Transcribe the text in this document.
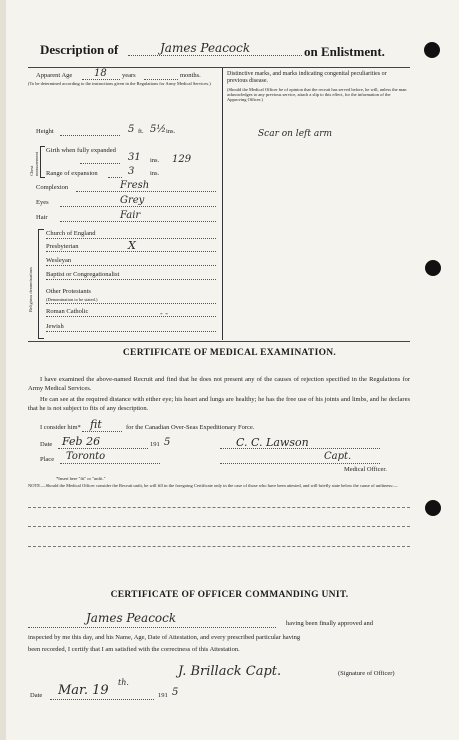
Description of	James Peacock	on Enlistment.
Apparent Age 18 years	months.
(To be determined according to the instructions given in the Regulations for Army Medical Services.)
Distinctive marks, and marks indicating congenital peculiarities or previous disease.
(Should the Medical Officer be of opinion that the recruit has served before, he will, unless the man acknowledges to any previous service, attach a slip to this effect, for the information of the Approving Officer.)
Scar on left arm
Height	5 ft. 5½ ins.
Chest measurement
Girth when fully expanded
31 ins. 129
Range of expansion	3 ins.
Complexion	Fresh
Eyes	Grey
Hair	Fair
Religious denominations
Church of England
Presbyterian	X
Wesleyan
Baptist or Congregationalist
Other Protestants
(Denomination to be stated.)
Roman Catholic	- -
Jewish
CERTIFICATE OF MEDICAL EXAMINATION.
I have examined the above-named Recruit and find that he does not present any of the causes of rejection specified in the Regulations for Army Medical Services.
He can see at the required distance with either eye; his heart and lungs are healthy; he has the free use of his joints and limbs, and he declares that he is not subject to fits of any description.
I consider him* fit	for the Canadian Over-Seas Expeditionary Force.
Date Feb 26	191 5	C. C. Lawson
Place Toronto	Capt.
Medical Officer.
*Insert here "fit" or "unfit."
NOTE.—Should the Medical Officer consider the Recruit unfit, he will fill in the foregoing Certificate only in the case of those who have been attested, and will briefly state below the cause of unfitness:—
CERTIFICATE OF OFFICER COMMANDING UNIT.
James Peacock	having been finally approved and
inspected by me this day, and his Name, Age, Date of Attestation, and every prescribed particular having
been recorded, I certify that I am satisfied with the correctness of this Attestation.
J. Brillack Capt.	(Signature of Officer)
Date Mar. 19
th.
191 5
